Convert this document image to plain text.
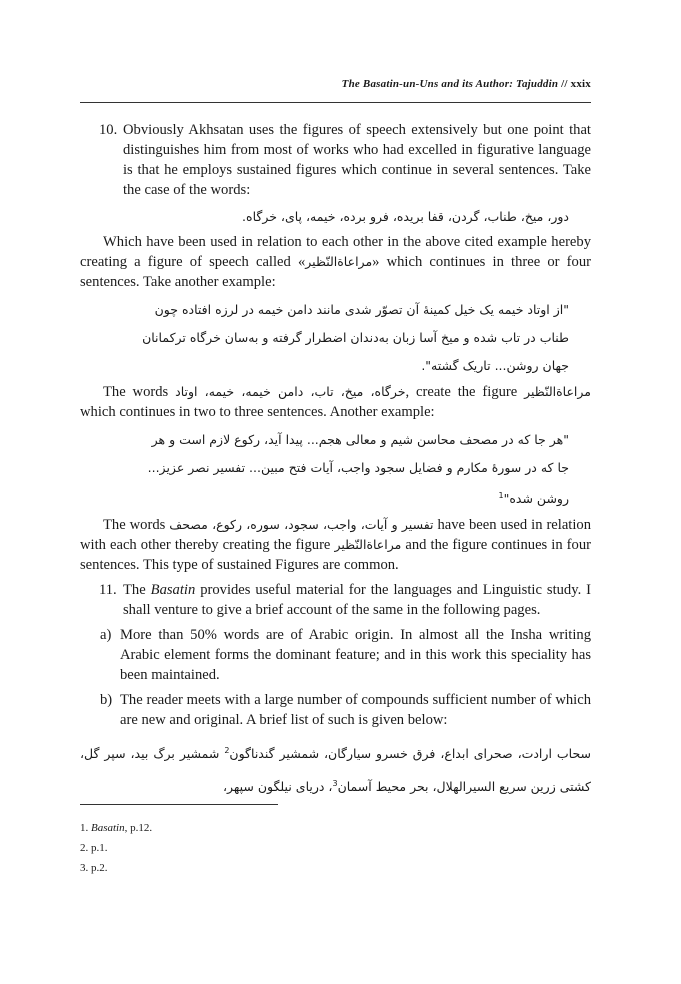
The Basatin-un-Uns and its Author: Tajuddin // xxix
10. Obviously Akhsatan uses the figures of speech extensively but one point that distinguishes him from most of works who had excelled in figurative language is that he employs sustained figures which continue in several sentences. Take the case of the words:

دور، میخ، طناب، گردن، قفا بریده، فرو برده، خیمه، پای، خرگاه.

Which have been used in relation to each other in the above cited example hereby creating a figure of speech called «مراعاةالنّظیر» which continues in three or four sentences. Take another example:

"از اوتاد خیمه یک خیل کمینهٔ آن تصوّر شدی مانند دامن خیمه در لرزه افتاده چون
طناب در تاب شده و میخ آسا زبان بەدندان اضطرار گرفته و بەسان خرگاه ترکمانان
جهان روشن... تاریک گشته".

The words خرگاه، میخ، تاب، دامن خیمه، خیمه، اوتاد, create the figure مراعاةالنّظیر which continues in two to three sentences. Another example:

"هر جا که در مصحف محاسن شیم و معالی هجم... پیدا آید، رکوع لازم است و هر
جا که در سورهٔ مکارم و فضایل سجود واجب، آیات فتح مبین... تفسیر نصر عزیز...
روشن شده"$^1$

The words تفسیر و آیات، واجب، سجود، سوره، رکوع، مصحف have been used in relation with each other thereby creating the figure مراعاةالنّظیر and the figure continues in four sentences. This type of sustained Figures are common.

11. The Basatin provides useful material for the languages and Linguistic study. I shall venture to give a brief account of the same in the following pages.

a) More than 50% words are of Arabic origin. In almost all the Insha writing Arabic element forms the dominant feature; and in this work this speciality has been maintained.

b) The reader meets with a large number of compounds sufficient number of which are new and original. A brief list of such is given below:

سحاب ارادت، صحرای ابداع، فرق خسرو سیارگان، شمشیر گندناگون$^2$ شمشیر برگ بید، سپر گل، کشتی زرین سریع السیرالهلال، بحر محیط آسمان$^3$، دریای نیلگون سپهر،
1. Basatin, p.12.
2. p.1.
3. p.2.
